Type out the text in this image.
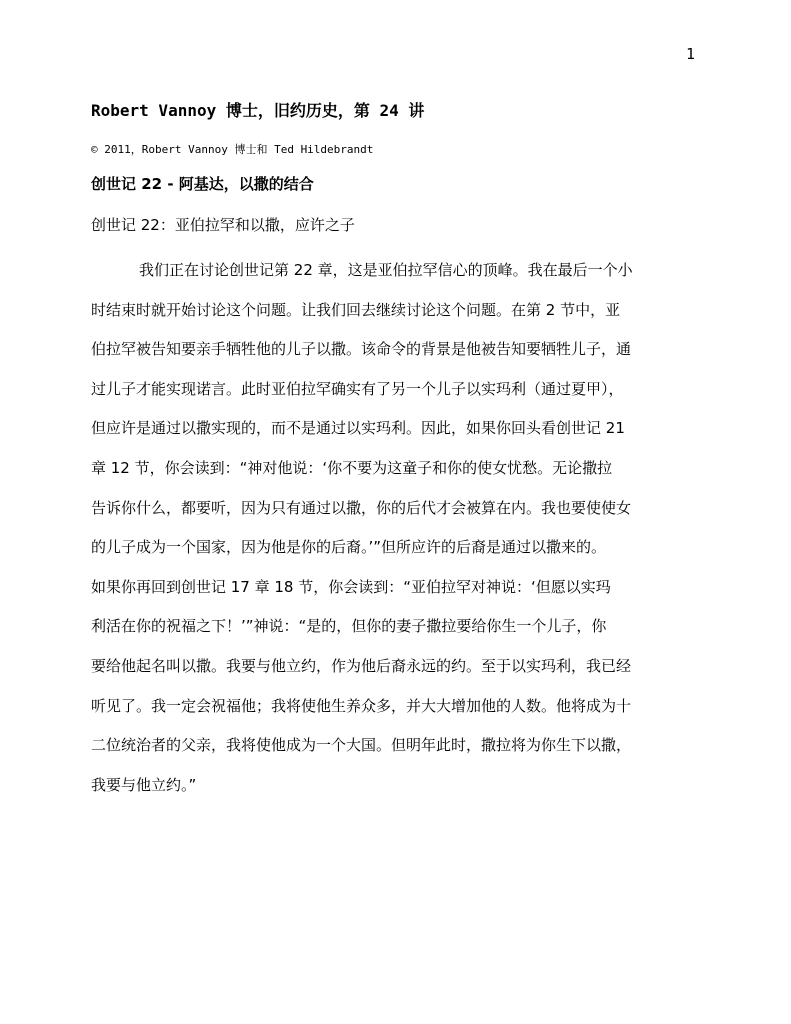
1
Robert Vannoy 博士，旧约历史，第 24 讲
© 2011，Robert Vannoy 博士和 Ted Hildebrandt
创世记 22 - 阿基达，以撒的结合
创世记 22：亚伯拉罕和以撒，应许之子
我们正在讨论创世记第 22 章，这是亚伯拉罕信心的顶峰。我在最后一个小
时结束时就开始讨论这个问题。让我们回去继续讨论这个问题。在第 2 节中，亚
伯拉罕被告知要亲手牺牲他的儿子以撒。该命令的背景是他被告知要牺牲儿子，通
过儿子才能实现诺言。此时亚伯拉罕确实有了另一个儿子以实玛利（通过夏甲），
但应许是通过以撒实现的，而不是通过以实玛利。因此，如果你回头看创世记 21
章 12 节，你会读到：“神对他说：‘你不要为这童子和你的使女忧愁。无论撒拉
告诉你什么，都要听，因为只有通过以撒，你的后代才会被算在内。我也要使使女
的儿子成为一个国家，因为他是你的后裔。’”但所应许的后裔是通过以撒来的。
如果你再回到创世记 17 章 18 节，你会读到：“亚伯拉罕对神说：‘但愿以实玛
利活在你的祝福之下！’”神说：“是的，但你的妻子撒拉要给你生一个儿子，你
要给他起名叫以撒。我要与他立约，作为他后裔永远的约。至于以实玛利，我已经
听见了。我一定会祝福他；我将使他生养众多，并大大增加他的人数。他将成为十
二位统治者的父亲，我将使他成为一个大国。但明年此时，撒拉将为你生下以撒，
我要与他立约。”
